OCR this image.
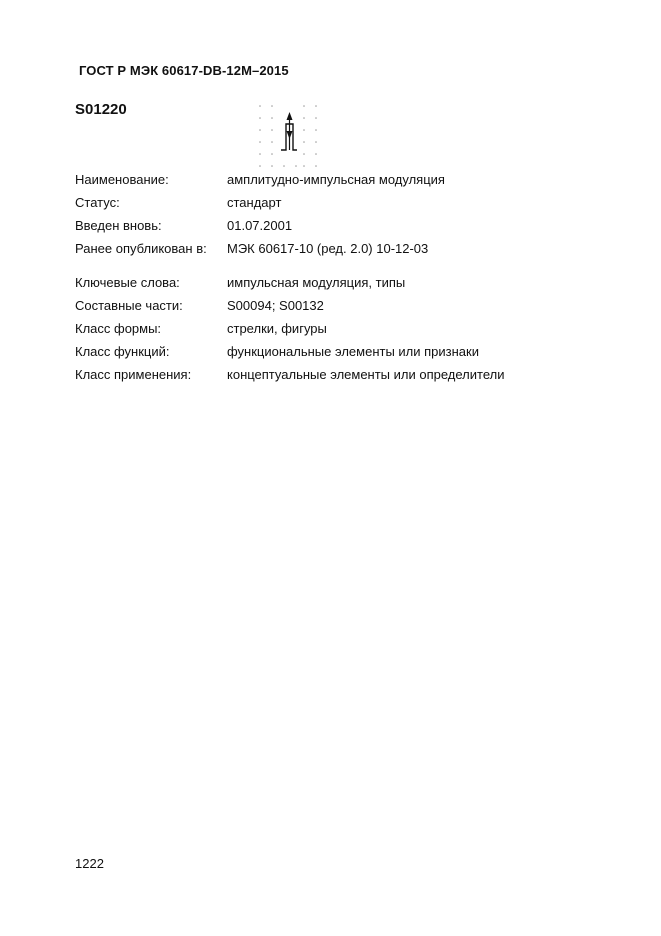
ГОСТ Р МЭК 60617-DB-12M–2015
S01220
Наименование:	амплитудно-импульсная модуляция
Статус:	стандарт
Введен вновь:	01.07.2001
Ранее опубликован в: МЭК 60617-10 (ред. 2.0) 10-12-03
Ключевые слова:	импульсная модуляция, типы
Составные части:	S00094; S00132
Класс формы:	стрелки, фигуры
Класс функций:	функциональные элементы или признаки
Класс применения:	концептуальные элементы или определители
1222
